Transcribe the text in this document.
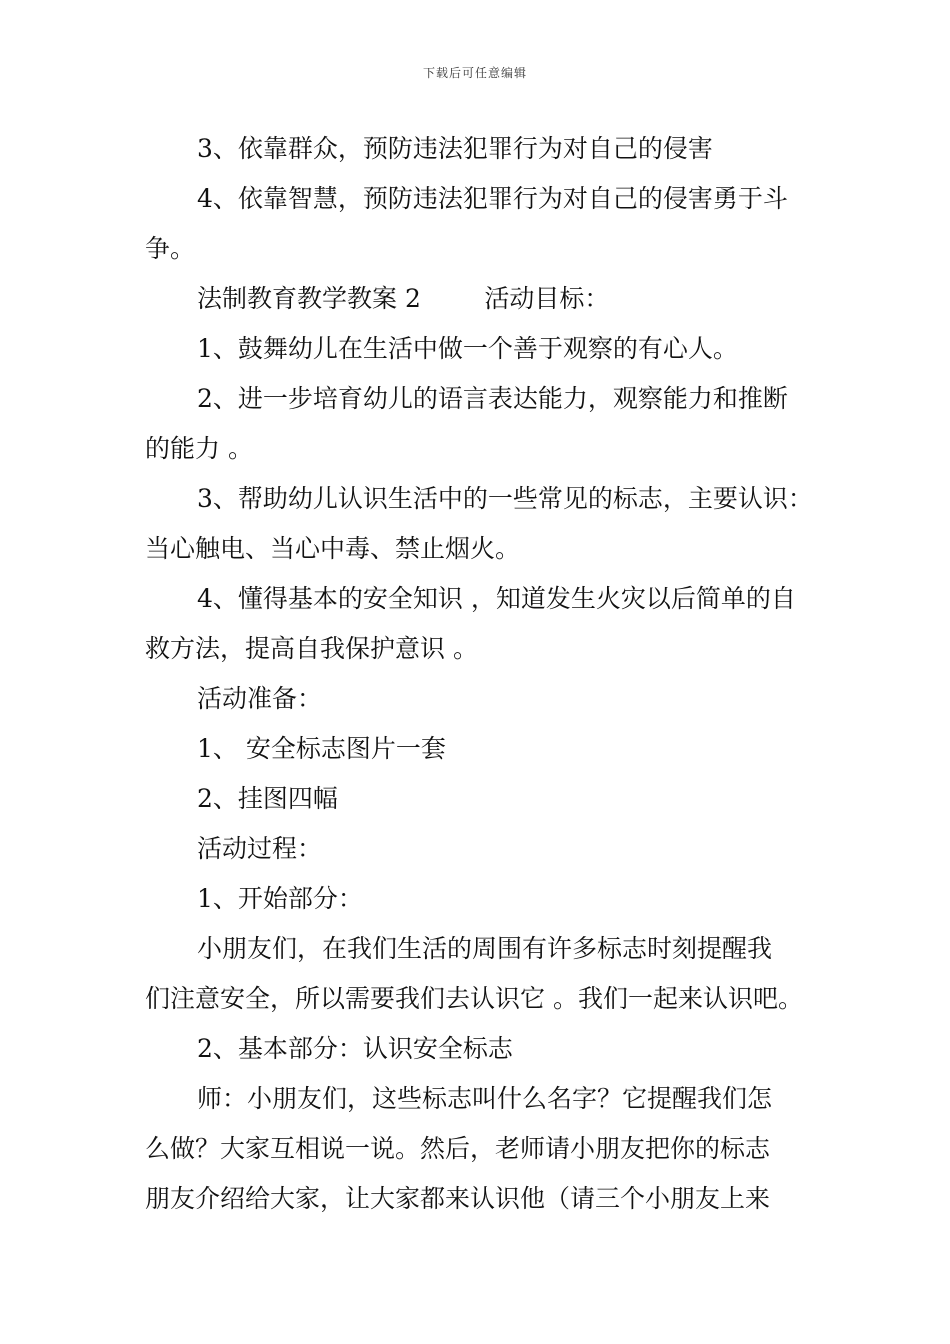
下载后可任意编辑
3、依靠群众，预防违法犯罪行为对自己的侵害
4、依靠智慧，预防违法犯罪行为对自己的侵害勇于斗
争。
法制教育教学教案 2        活动目标：
1、鼓舞幼儿在生活中做一个善于观察的有心人。
2、进一步培育幼儿的语言表达能力，观察能力和推断
的能力 。
3、帮助幼儿认识生活中的一些常见的标志，主要认识：
当心触电、当心中毒、禁止烟火。
4、懂得基本的安全知识 ，知道发生火灾以后简单的自
救方法，提高自我保护意识 。
活动准备：
1、 安全标志图片一套
2、挂图四幅
活动过程：
1、开始部分：
小朋友们，在我们生活的周围有许多标志时刻提醒我
们注意安全，所以需要我们去认识它 。我们一起来认识吧。
2、基本部分：认识安全标志
师：小朋友们，这些标志叫什么名字？它提醒我们怎
么做？大家互相说一说。然后，老师请小朋友把你的标志
朋友介绍给大家，让大家都来认识他（请三个小朋友上来
